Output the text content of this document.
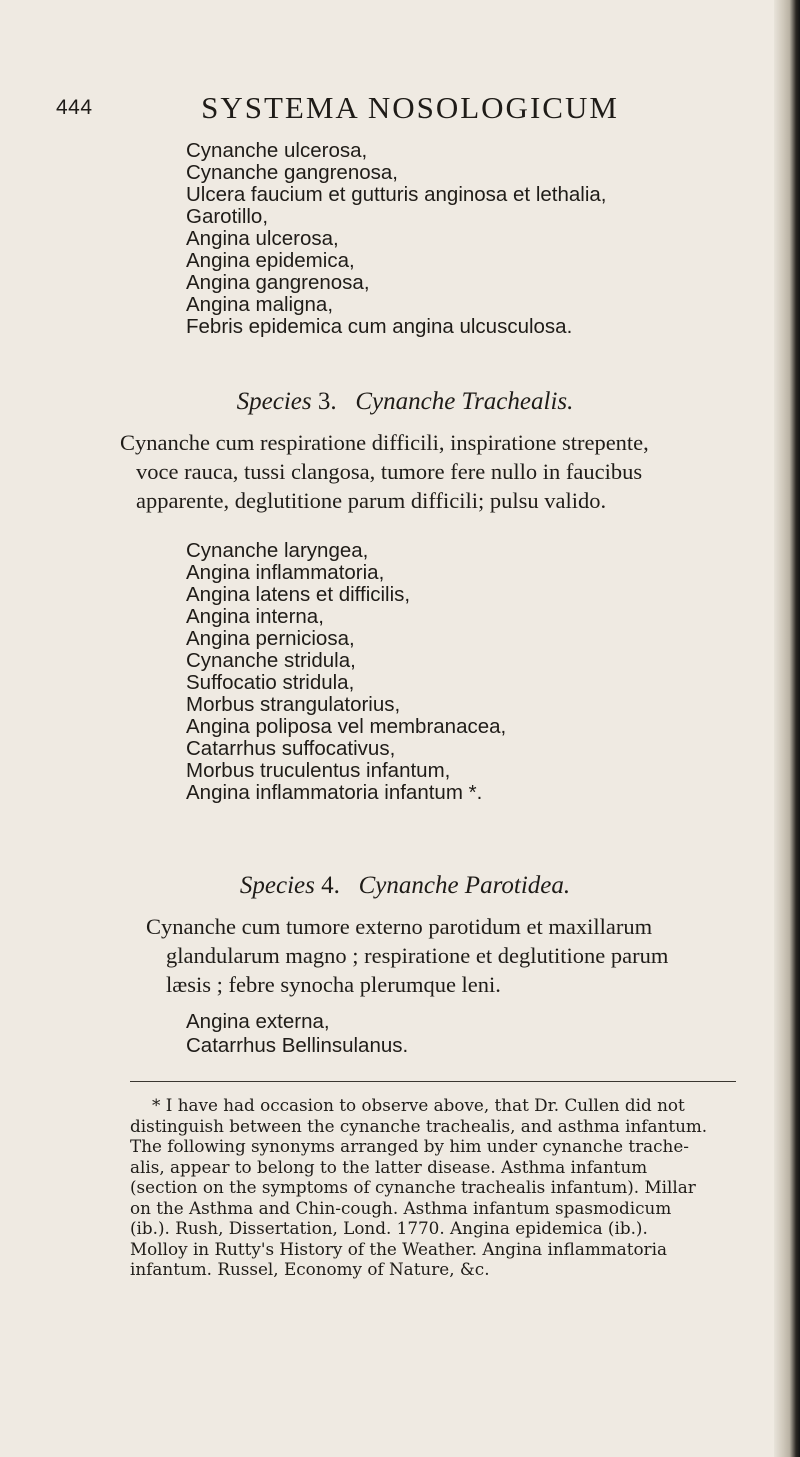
444	SYSTEMA NOSOLOGICUM
Cynanche ulcerosa,
Cynanche gangrenosa,
Ulcera faucium et gutturis anginosa et lethalia,
Garotillo,
Angina ulcerosa,
Angina epidemica,
Angina gangrenosa,
Angina maligna,
Febris epidemica cum angina ulcusculosa.
Species 3. Cynanche Trachealis.

Cynanche cum respiratione difficili, inspiratione strepente,
voce rauca, tussi clangosa, tumore fere nullo in faucibus
apparente, deglutitione parum difficili; pulsu valido.

Cynanche laryngea,
Angina inflammatoria,
Angina latens et difficilis,
Angina interna,
Angina perniciosa,
Cynanche stridula,
Suffocatio stridula,
Morbus strangulatorius,
Angina poliposa vel membranacea,
Catarrhus suffocativus,
Morbus truculentus infantum,
Angina inflammatoria infantum *.
Species 4. Cynanche Parotidea.

Cynanche cum tumore externo parotidum et maxillarum
glandularum magno ; respiratione et deglutitione parum
læsis ; febre synocha plerumque leni.

Angina externa,
Catarrhus Bellinsulanus.

* I have had occasion to observe above, that Dr. Cullen did not
distinguish between the cynanche trachealis, and asthma infantum.
The following synonyms arranged by him under cynanche trache-
alis, appear to belong to the latter disease. Asthma infantum
(section on the symptoms of cynanche trachealis infantum). Millar
on the Asthma and Chin-cough. Asthma infantum spasmodicum
(ib.). Rush, Dissertation, Lond. 1770. Angina epidemica (ib.).
Molloy in Rutty's History of the Weather. Angina inflammatoria
infantum. Russel, Economy of Nature, &c.
